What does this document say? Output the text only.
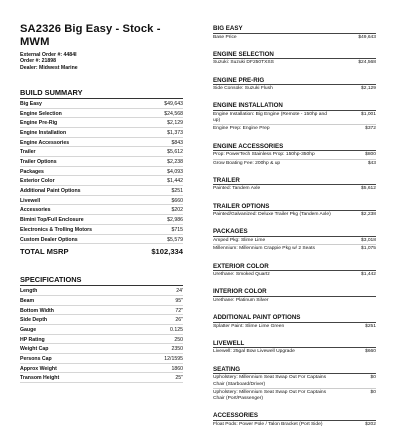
SA2326 Big Easy - Stock -
MWM
External Order #: 4484I
Order #: 21898
Dealer: Midwest Marine
BUILD SUMMARY
Big Easy	$49,643
Engine Selection	$24,568
Engine Pre-Rig	$2,129
Engine Installation	$1,373
Engine Accessories	$843
Trailer	$5,612
Trailer Options	$2,238
Packages	$4,093
Exterior Color	$1,442
Additional Paint Options	$251
Livewell	$660
Accessories	$202
Bimini Top/Full Enclosure	$2,986
Electronics & Trolling Motors	$715
Custom Dealer Options	$5,579
TOTAL MSRP	$102,334
SPECIFICATIONS
Length	24'
Beam	95"
Bottom Width	72"
Side Depth	26"
Gauge	0.125
HP Rating	250
Weight Cap	2350
Persons Cap	12/1595
Approx Weight	1860
Transom Height	25"
BIG EASY
Base Price	$49,643
ENGINE SELECTION
Suzuki: Suzuki DF250TXSS	$24,568
ENGINE PRE-RIG
Side Console: Suzuki Flush	$2,129
ENGINE INSTALLATION
Engine Installation: Big Engine (Remote - 150hp and up)
$1,001
Engine Prep: Engine Prep	$372
ENGINE ACCESSORIES
Prop: PowerTech Stainless Prop: 150hp-350hp	$800
Grow Boating Fee: 200hp & up	$43
TRAILER
Painted: Tandem Axle	$5,612
TRAILER OPTIONS
Painted/Galvanized: Deluxe Trailer Pkg (Tandem Axle)	$2,238
PACKAGES
Amped Pkg: Slime Lime	$3,018
Millennium: Millennium Crappie Pkg w/ 2 Seats	$1,075
EXTERIOR COLOR
Urethane: Smoked Quartz	$1,442
INTERIOR COLOR
Urethane: Platinum Silver
ADDITIONAL PAINT OPTIONS
Splatter Paint: Slime Lime Green	$251
LIVEWELL
Livewell: 25gal Bow Livewell Upgrade	$660
SEATING
Upholstery: Millennium Seat Swap Out For Captains Chair (Starboard/Driver)
$0
Upholstery: Millennium Seat Swap Out For Captains Chair (Port/Passenger)
$0
ACCESSORIES
Float Pods: Power Pole / Talon Bracket (Port Side)	$202
